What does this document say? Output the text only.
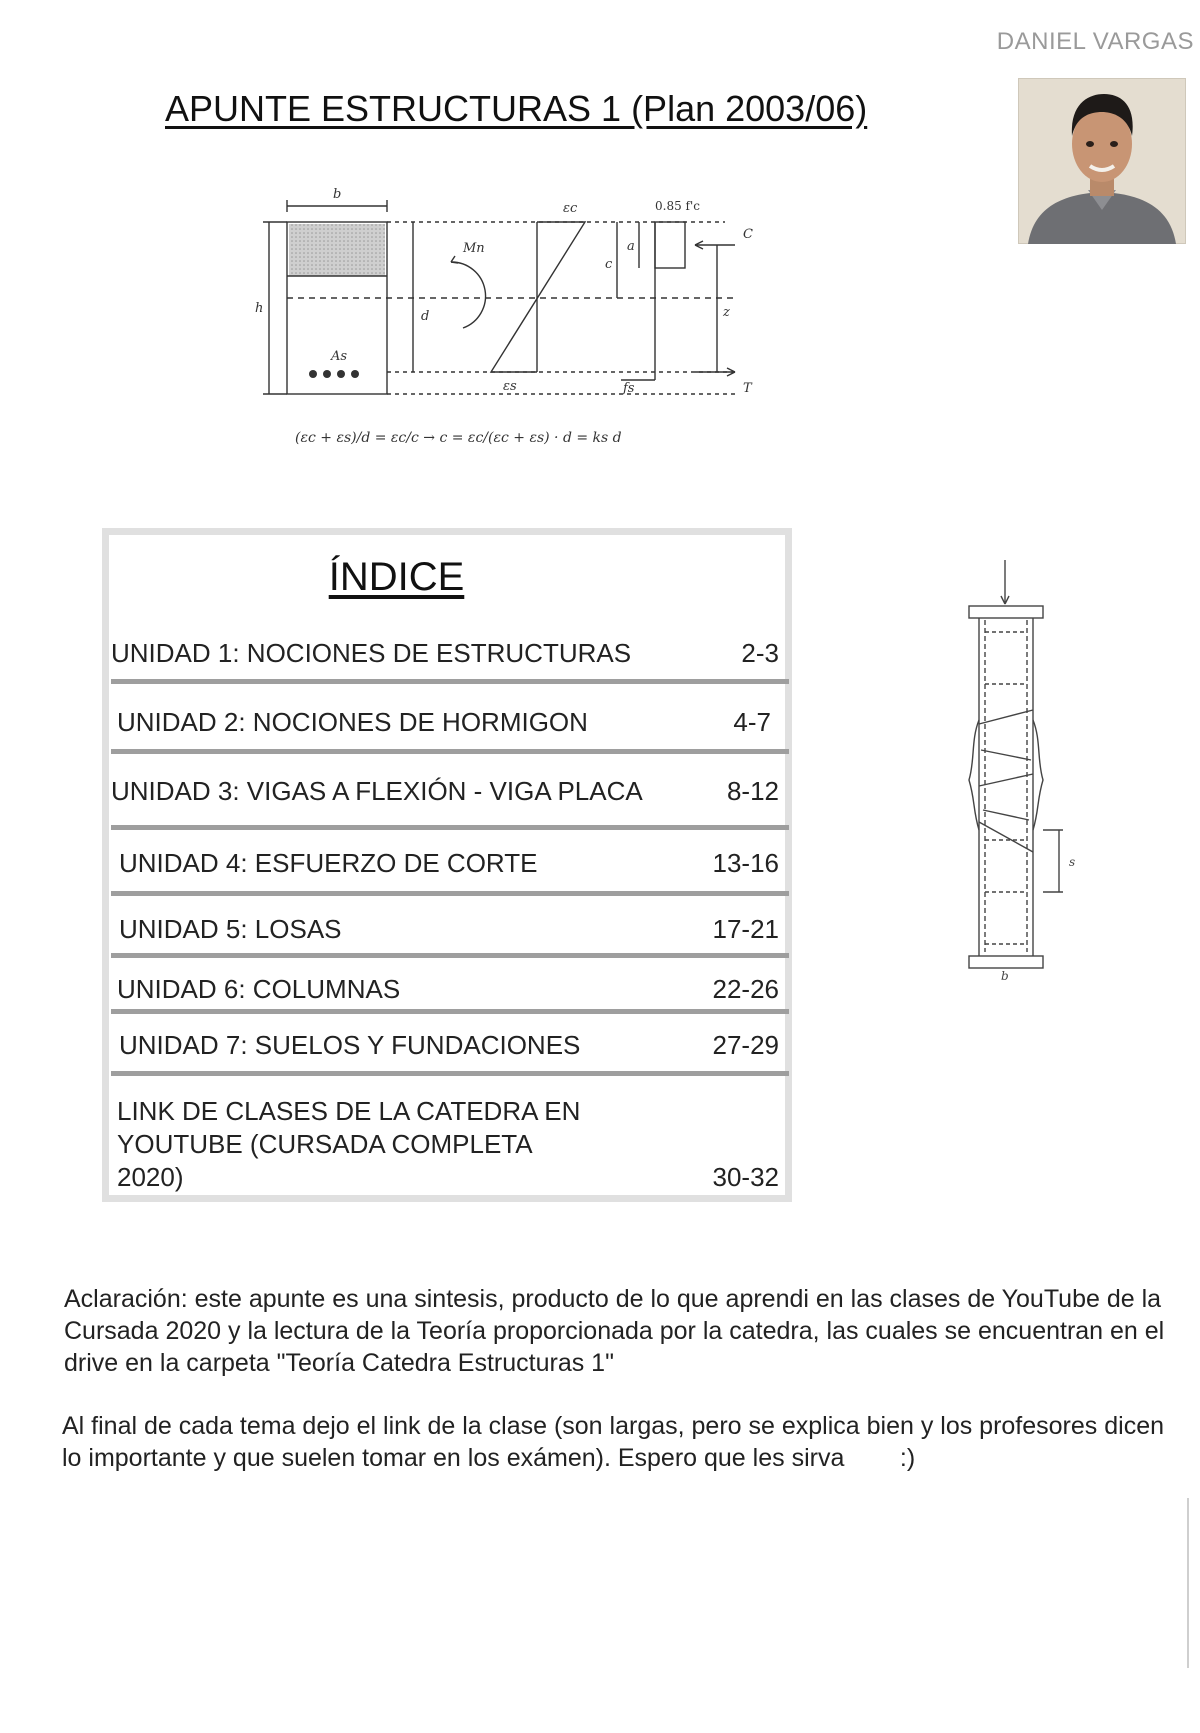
DANIEL VARGAS
APUNTE ESTRUCTURAS 1 (Plan 2003/06)
b
h
d
Mn
As
εc
εs
c
a
0.85 f'c
C
T
z
fs
(εc + εs)/d = εc/c → c = εc/(εc + εs) · d = ks d
s
b
ÍNDICE
UNIDAD 1: NOCIONES DE ESTRUCTURAS	2-3
UNIDAD 2: NOCIONES DE HORMIGON	4-7
UNIDAD 3: VIGAS A FLEXIÓN - VIGA PLACA	8-12
UNIDAD 4: ESFUERZO DE CORTE	13-16
UNIDAD 5: LOSAS	17-21
UNIDAD 6: COLUMNAS	22-26
UNIDAD 7: SUELOS Y FUNDACIONES	27-29
LINK DE CLASES DE LA CATEDRA EN YOUTUBE (CURSADA COMPLETA 2020)	30-32
Aclaración: este apunte es una sintesis, producto de lo que aprendi en las clases de YouTube de la Cursada 2020 y la lectura de la Teoría proporcionada por la catedra, las cuales se encuentran en el drive en la carpeta "Teoría Catedra Estructuras 1"
Al final de cada tema dejo el link de la clase (son largas, pero se explica bien y los profesores dicen lo importante y que suelen tomar en los exámen). Espero que les sirva        :)
